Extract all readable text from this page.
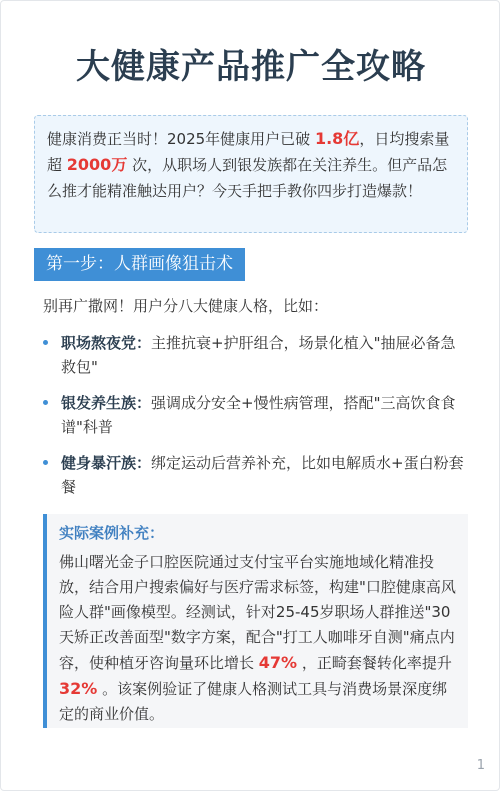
大健康产品推广全攻略
健康消费正当时！2025年健康用户已破 1.8亿，日均搜索量超 2000万 次，从职场人到银发族都在关注养生。但产品怎么推才能精准触达用户？今天手把手教你四步打造爆款！
第一步：人群画像狙击术
别再广撒网！用户分八大健康人格，比如：
职场熬夜党：主推抗衰+护肝组合，场景化植入"抽屉必备急救包"
银发养生族：强调成分安全+慢性病管理，搭配"三高饮食食谱"科普
健身暴汗族：绑定运动后营养补充，比如电解质水+蛋白粉套餐
实际案例补充：
佛山曙光金子口腔医院通过支付宝平台实施地域化精准投放，结合用户搜索偏好与医疗需求标签，构建"口腔健康高风险人群"画像模型。经测试，针对25-45岁职场人群推送"30天矫正改善面型"数字方案，配合"打工人咖啡牙自测"痛点内容，使种植牙咨询量环比增长 47% ，正畸套餐转化率提升 32% 。该案例验证了健康人格测试工具与消费场景深度绑定的商业价值。
1
